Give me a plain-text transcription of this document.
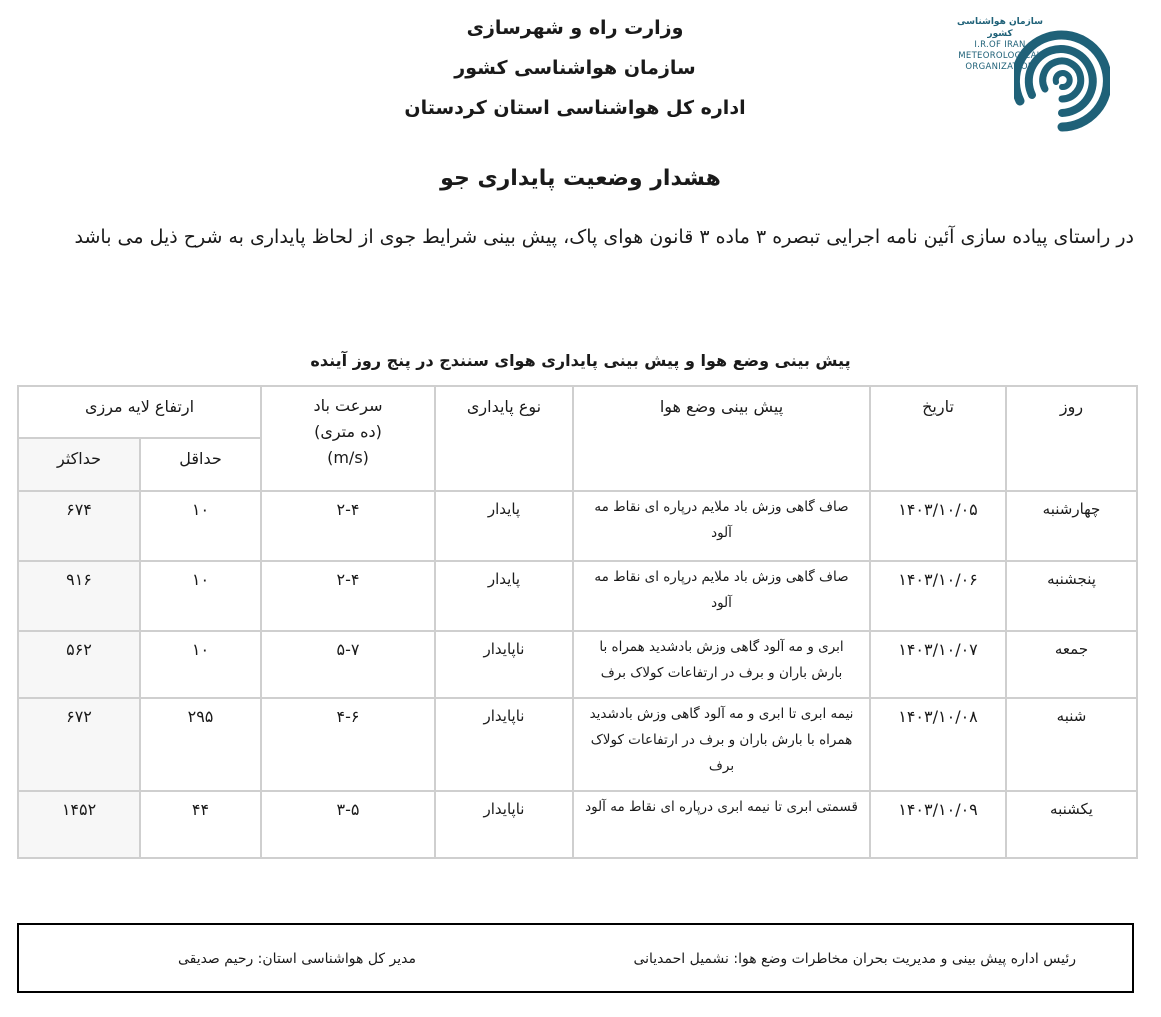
وزارت راه و شهرسازی
سازمان هواشناسی کشور
اداره کل هواشناسی استان کردستان
سازمان هواشناسی کشور
I.R.OF IRAN
METEOROLOGICAL
ORGANIZATION
هشدار وضعیت پایداری جو
در راستای پیاده سازی آئین نامه اجرایی تبصره ۳ ماده ۳ قانون هوای پاک، پیش بینی شرایط جوی از لحاظ پایداری به شرح ذیل می باشد
پیش بینی وضع هوا و پیش بینی پایداری هوای سنندج در پنج روز آینده
روز	تاریخ	پیش بینی وضع هوا	نوع پایداری	سرعت باد
(ده متری)
(m/s)	ارتفاع لایه مرزی	
					حداقل	حداکثر
چهارشنبه	۱۴۰۳/۱۰/۰۵	صاف گاهی وزش باد ملایم درپاره ای نقاط مه آلود	پایدار	۲-۴	۱۰	۶۷۴
پنجشنبه	۱۴۰۳/۱۰/۰۶	صاف گاهی وزش باد ملایم درپاره ای نقاط مه آلود	پایدار	۲-۴	۱۰	۹۱۶
جمعه	۱۴۰۳/۱۰/۰۷	ابری و مه آلود گاهی وزش بادشدید همراه با بارش باران و برف در ارتفاعات کولاک برف	ناپایدار	۵-۷	۱۰	۵۶۲
شنبه	۱۴۰۳/۱۰/۰۸	نیمه ابری تا ابری و مه آلود گاهی وزش بادشدید همراه با بارش باران و برف در ارتفاعات کولاک برف	ناپایدار	۴-۶	۲۹۵	۶۷۲
یکشنبه	۱۴۰۳/۱۰/۰۹	قسمتی ابری تا نیمه ابری درپاره ای نقاط مه آلود	ناپایدار	۳-۵	۴۴	۱۴۵۲
رئیس اداره پیش بینی و مدیریت بحران مخاطرات وضع هوا: نشمیل احمدیانی
مدیر کل هواشناسی استان: رحیم صدیقی
